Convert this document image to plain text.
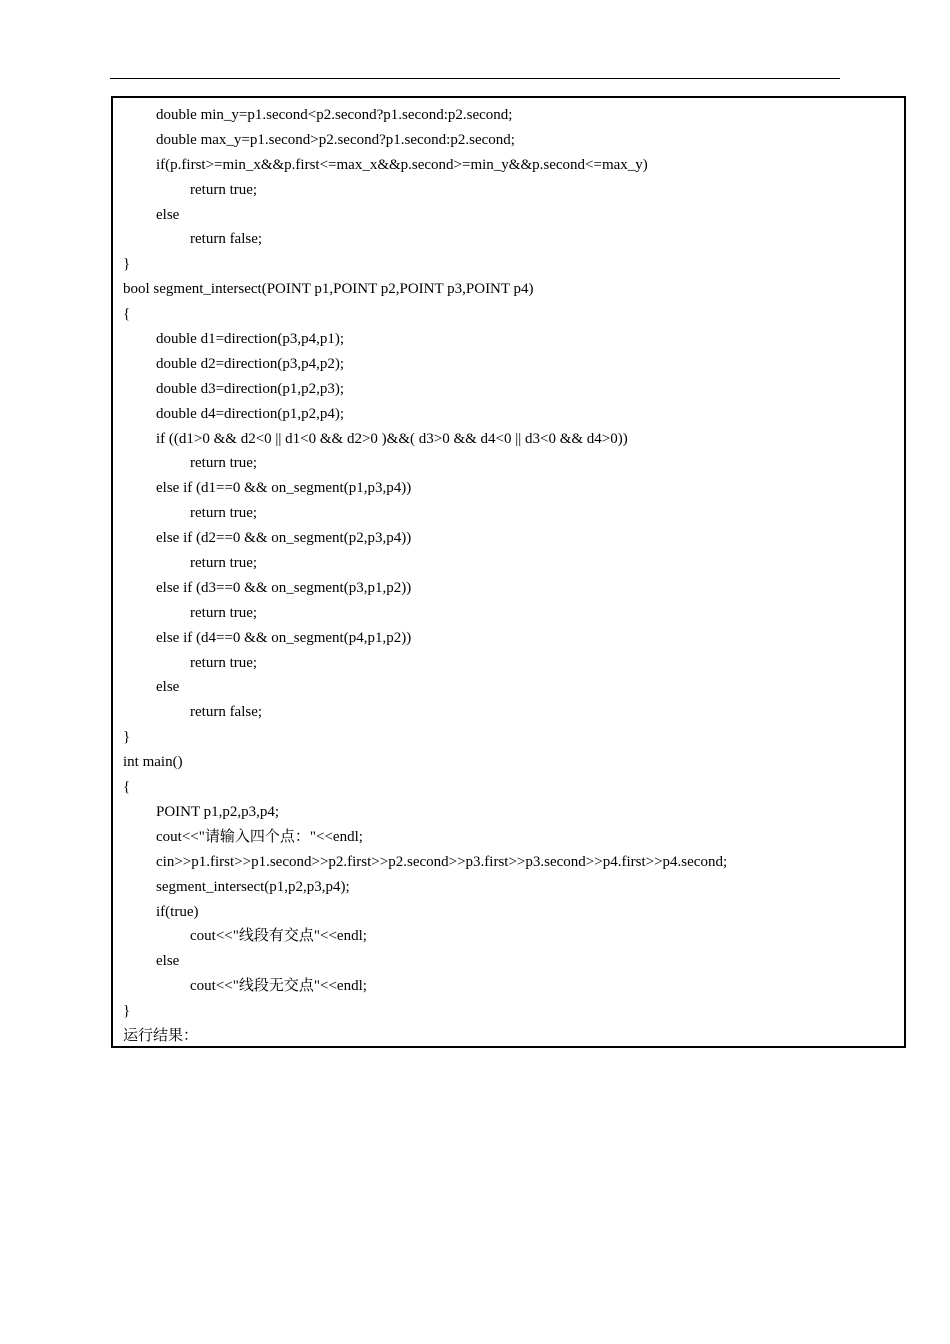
double min_y=p1.second<p2.second?p1.second:p2.second;
double max_y=p1.second>p2.second?p1.second:p2.second;
if(p.first>=min_x&&p.first<=max_x&&p.second>=min_y&&p.second<=max_y)
return true;
else
return false;
}
bool segment_intersect(POINT p1,POINT p2,POINT p3,POINT p4)
{
double d1=direction(p3,p4,p1);
double d2=direction(p3,p4,p2);
double d3=direction(p1,p2,p3);
double d4=direction(p1,p2,p4);
if ((d1>0 && d2<0 || d1<0 && d2>0 )&&( d3>0 && d4<0 || d3<0 && d4>0))
return true;
else if (d1==0 && on_segment(p1,p3,p4))
return true;
else if (d2==0 && on_segment(p2,p3,p4))
return true;
else if (d3==0 && on_segment(p3,p1,p2))
return true;
else if (d4==0 && on_segment(p4,p1,p2))
return true;
else
return false;
}
int main()
{
POINT p1,p2,p3,p4;
cout<<"请输入四个点："<<endl;
cin>>p1.first>>p1.second>>p2.first>>p2.second>>p3.first>>p3.second>>p4.first>>p4.second;
segment_intersect(p1,p2,p3,p4);
if(true)
cout<<"线段有交点"<<endl;
else
cout<<"线段无交点"<<endl;
}
运行结果：
